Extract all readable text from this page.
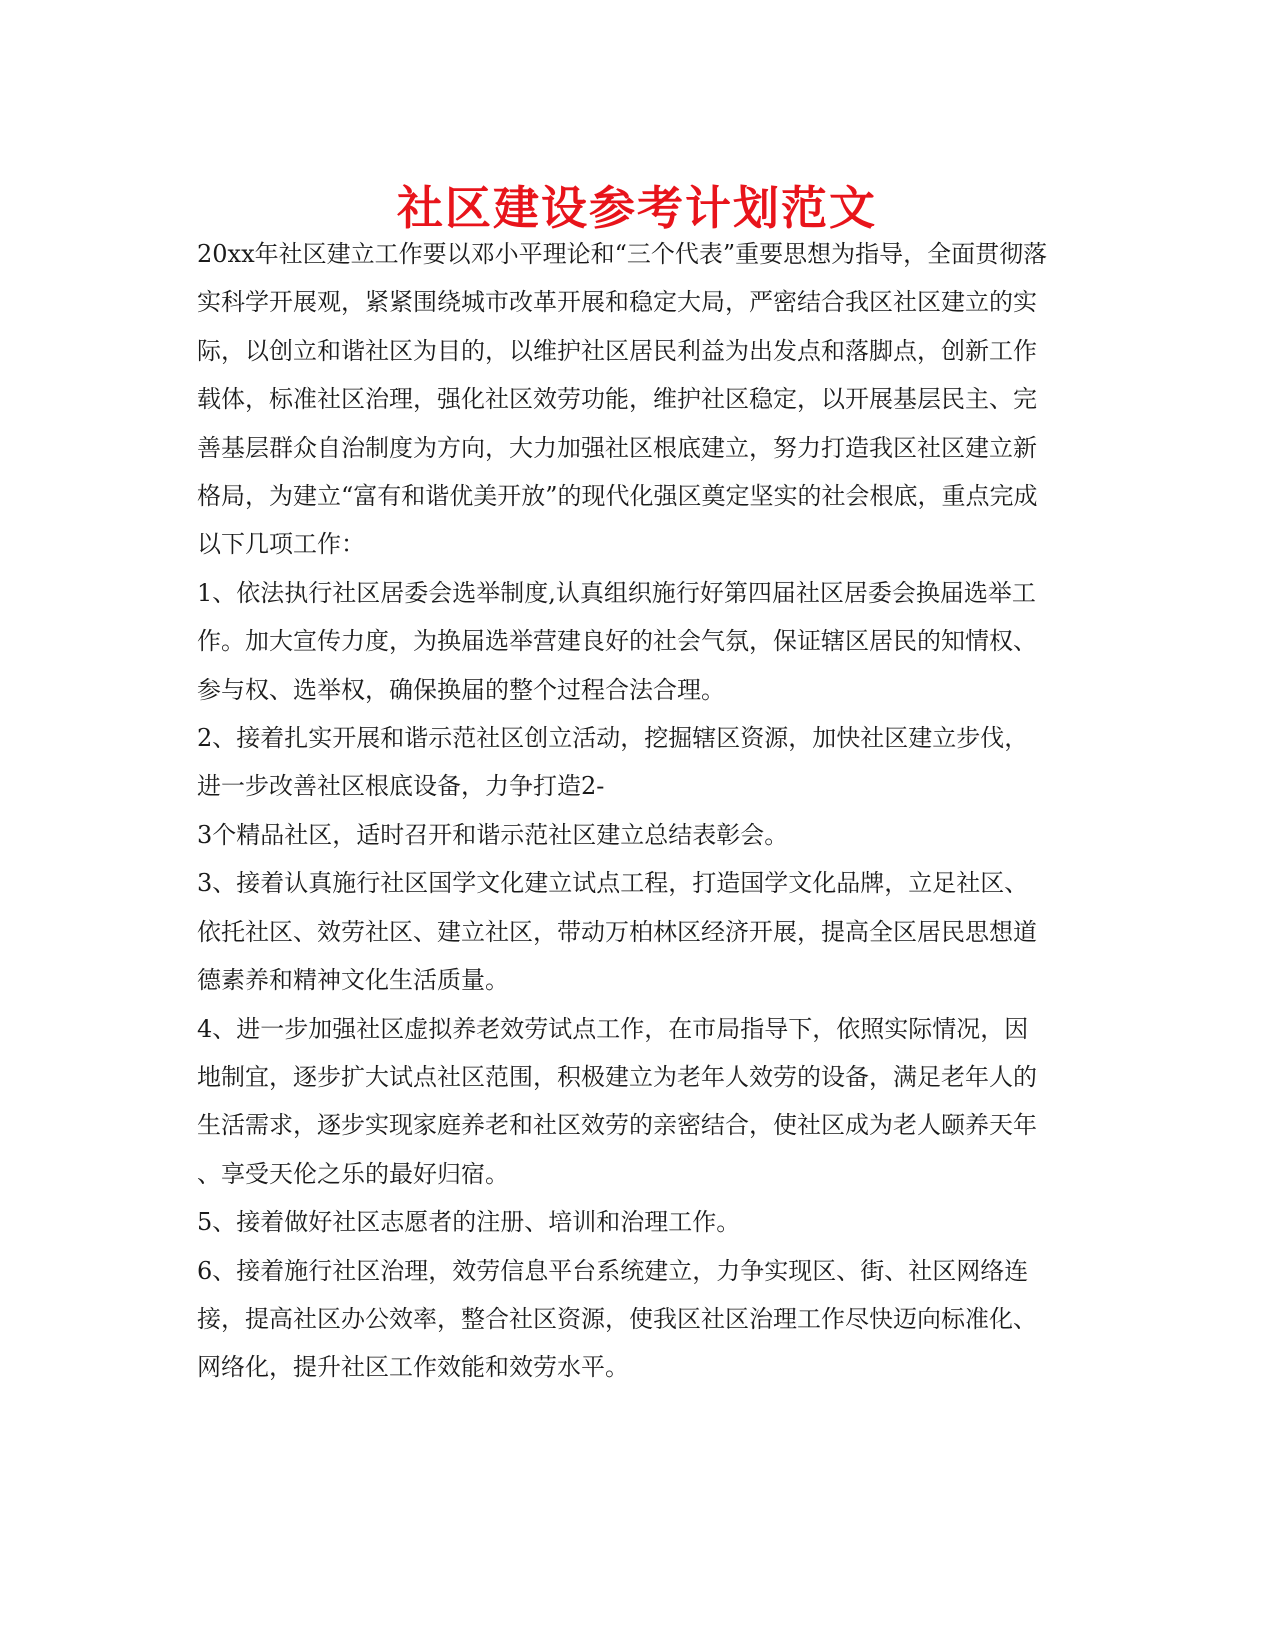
社区建设参考计划范文

20xx年社区建立工作要以邓小平理论和“三个代表”重要思想为指导，全面贯彻落

实科学开展观，紧紧围绕城市改革开展和稳定大局，严密结合我区社区建立的实

际，以创立和谐社区为目的，以维护社区居民利益为出发点和落脚点，创新工作

载体，标准社区治理，强化社区效劳功能，维护社区稳定，以开展基层民主、完

善基层群众自治制度为方向，大力加强社区根底建立，努力打造我区社区建立新

格局，为建立“富有和谐优美开放”的现代化强区奠定坚实的社会根底，重点完成

以下几项工作：

1、依法执行社区居委会选举制度,认真组织施行好第四届社区居委会换届选举工

作。加大宣传力度，为换届选举营建良好的社会气氛，保证辖区居民的知情权、

参与权、选举权，确保换届的整个过程合法合理。

2、接着扎实开展和谐示范社区创立活动，挖掘辖区资源，加快社区建立步伐，

进一步改善社区根底设备，力争打造2-

3个精品社区，适时召开和谐示范社区建立总结表彰会。

3、接着认真施行社区国学文化建立试点工程，打造国学文化品牌，立足社区、

依托社区、效劳社区、建立社区，带动万柏林区经济开展，提高全区居民思想道

德素养和精神文化生活质量。

4、进一步加强社区虚拟养老效劳试点工作，在市局指导下，依照实际情况，因

地制宜，逐步扩大试点社区范围，积极建立为老年人效劳的设备，满足老年人的

生活需求，逐步实现家庭养老和社区效劳的亲密结合，使社区成为老人颐养天年

、享受天伦之乐的最好归宿。

5、接着做好社区志愿者的注册、培训和治理工作。

6、接着施行社区治理，效劳信息平台系统建立，力争实现区、街、社区网络连

接，提高社区办公效率，整合社区资源，使我区社区治理工作尽快迈向标准化、

网络化，提升社区工作效能和效劳水平。
